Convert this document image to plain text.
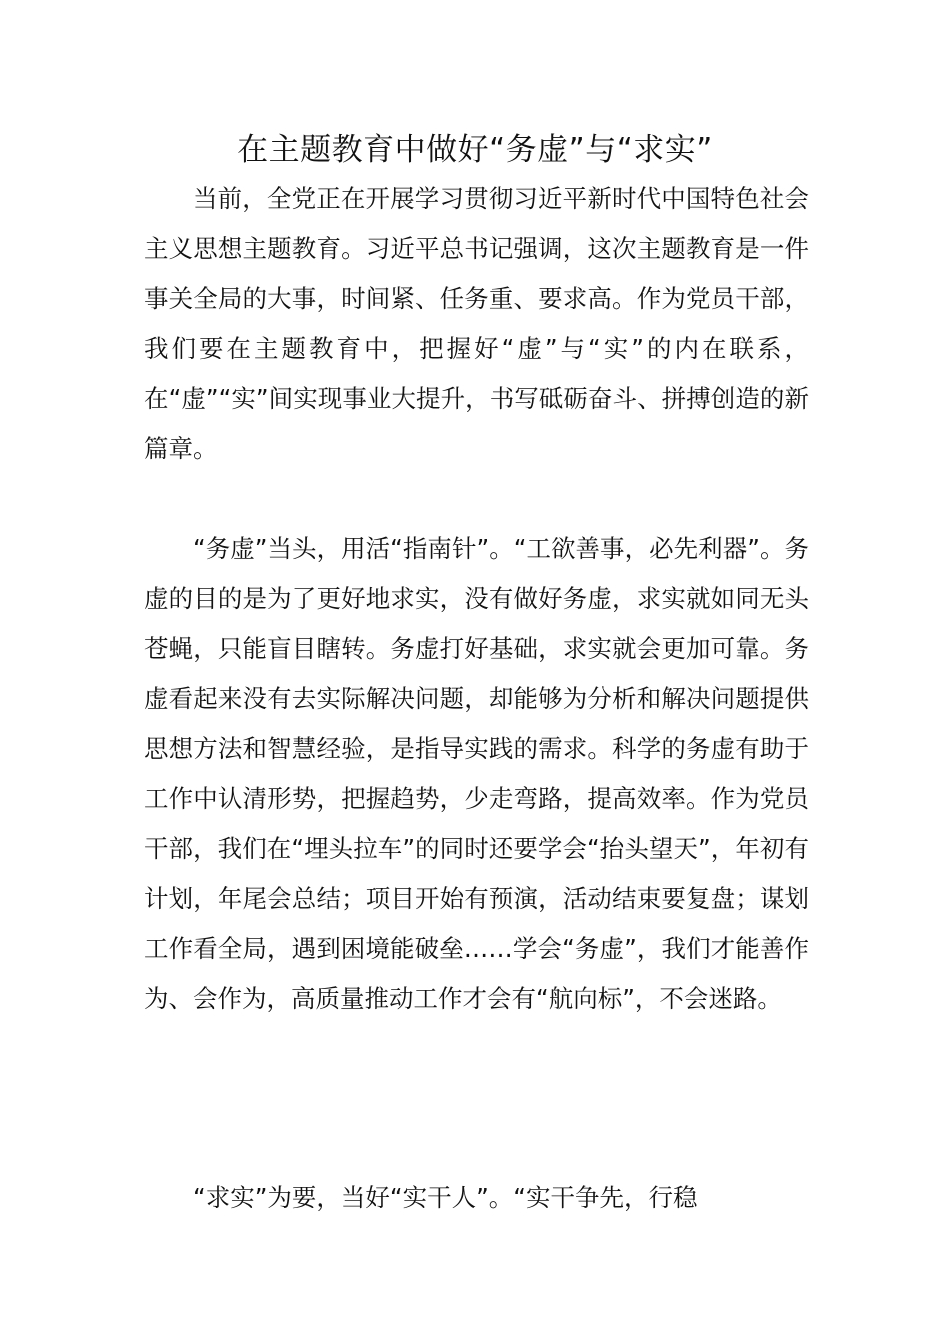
在主题教育中做好“务虚”与“求实”

当前，全党正在开展学习贯彻习近平新时代中国特色社会主义思想主题教育。习近平总书记强调，这次主题教育是一件事关全局的大事，时间紧、任务重、要求高。作为党员干部，我们要在主题教育中，把握好“虚”与“实”的内在联系，在“虚”“实”间实现事业大提升，书写砥砺奋斗、拼搏创造的新篇章。

“务虚”当头，用活“指南针”。“工欲善事，必先利器”。务虚的目的是为了更好地求实，没有做好务虚，求实就如同无头苍蝇，只能盲目瞎转。务虚打好基础，求实就会更加可靠。务虚看起来没有去实际解决问题，却能够为分析和解决问题提供思想方法和智慧经验，是指导实践的需求。科学的务虚有助于工作中认清形势，把握趋势，少走弯路，提高效率。作为党员干部，我们在“埋头拉车”的同时还要学会“抬头望天”，年初有计划，年尾会总结；项目开始有预演，活动结束要复盘；谋划工作看全局，遇到困境能破垒……学会“务虚”，我们才能善作为、会作为，高质量推动工作才会有“航向标”，不会迷路。

“求实”为要，当好“实干人”。“实干争先，行稳
